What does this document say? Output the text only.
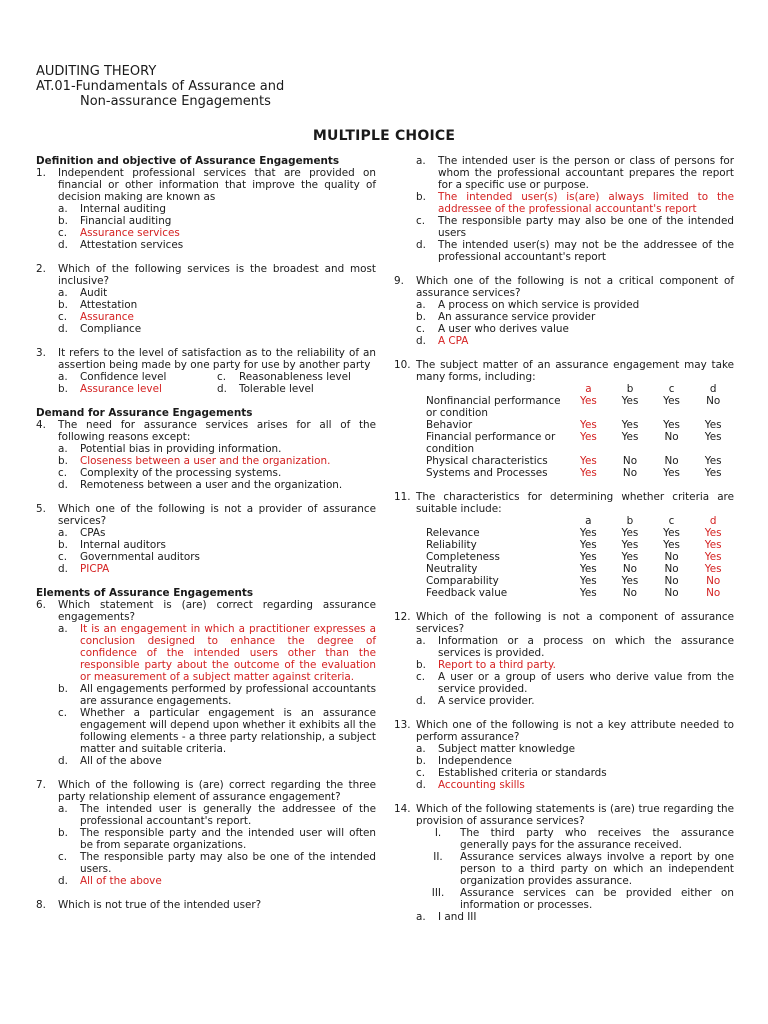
AUDITING THEORY
AT.01-Fundamentals of Assurance and
Non-assurance Engagements
MULTIPLE CHOICE
Definition and objective of Assurance Engagements
1.	Independent professional services that are provided on financial or other information that improve the quality of decision making are known as
a.	Internal auditing
b.	Financial auditing
c.	Assurance services
d.	Attestation services
2.	Which of the following services is the broadest and most inclusive?
a.	Audit
b.	Attestation
c.	Assurance
d.	Compliance
3.	It refers to the level of satisfaction as to the reliability of an assertion being made by one party for use by another party
a.	Confidence level	c.	Reasonableness level
b.	Assurance level	d.	Tolerable level
Demand for Assurance Engagements
4.	The need for assurance services arises for all of the following reasons except:
a.	Potential bias in providing information.
b.	Closeness between a user and the organization.
c.	Complexity of the processing systems.
d.	Remoteness between a user and the organization.
5.	Which one of the following is not a provider of assurance services?
a.	CPAs
b.	Internal auditors
c.	Governmental auditors
d.	PICPA
Elements of Assurance Engagements
6.	Which statement is (are) correct regarding assurance engagements?
a.	It is an engagement in which a practitioner expresses a conclusion designed to enhance the degree of confidence of the intended users other than the responsible party about the outcome of the evaluation or measurement of a subject matter against criteria.
b.	All engagements performed by professional accountants are assurance engagements.
c.	Whether a particular engagement is an assurance engagement will depend upon whether it exhibits all the following elements - a three party relationship, a subject matter and suitable criteria.
d.	All of the above
7.	Which of the following is (are) correct regarding the three party relationship element of assurance engagement?
a.	The intended user is generally the addressee of the professional accountant's report.
b.	The responsible party and the intended user will often be from separate organizations.
c.	The responsible party may also be one of the intended users.
d.	All of the above
8.	Which is not true of the intended user?
a.	The intended user is the person or class of persons for whom the professional accountant prepares the report for a specific use or purpose.
b.	The intended user(s) is(are) always limited to the addressee of the professional accountant's report
c.	The responsible party may also be one of the intended users
d.	The intended user(s) may not be the addressee of the professional accountant's report
9.	Which one of the following is not a critical component of assurance services?
a.	A process on which service is provided
b.	An assurance service provider
c.	A user who derives value
d.	A CPA
10. The subject matter of an assurance engagement may take many forms, including:
	a	b	c	d
Nonfinancial performance or condition	Yes	Yes	Yes	No
Behavior	Yes	Yes	Yes	Yes
Financial performance or condition	Yes	Yes	No	Yes
Physical characteristics	Yes	No	No	Yes
Systems and Processes	Yes	No	Yes	Yes
11. The characteristics for determining whether criteria are suitable include:
	a	b	c	d
Relevance	Yes	Yes	Yes	Yes
Reliability	Yes	Yes	Yes	Yes
Completeness	Yes	Yes	No	Yes
Neutrality	Yes	No	No	Yes
Comparability	Yes	Yes	No	No
Feedback value	Yes	No	No	No
12. Which of the following is not a component of assurance services?
a.	Information or a process on which the assurance services is provided.
b.	Report to a third party.
c.	A user or a group of users who derive value from the service provided.
d.	A service provider.
13. Which one of the following is not a key attribute needed to perform assurance?
a.	Subject matter knowledge
b.	Independence
c.	Established criteria or standards
d.	Accounting skills
14. Which of the following statements is (are) true regarding the provision of assurance services?
I.	The third party who receives the assurance generally pays for the assurance received.
II.	Assurance services always involve a report by one person to a third party on which an independent organization provides assurance.
III.	Assurance services can be provided either on information or processes.
a.	I and III
